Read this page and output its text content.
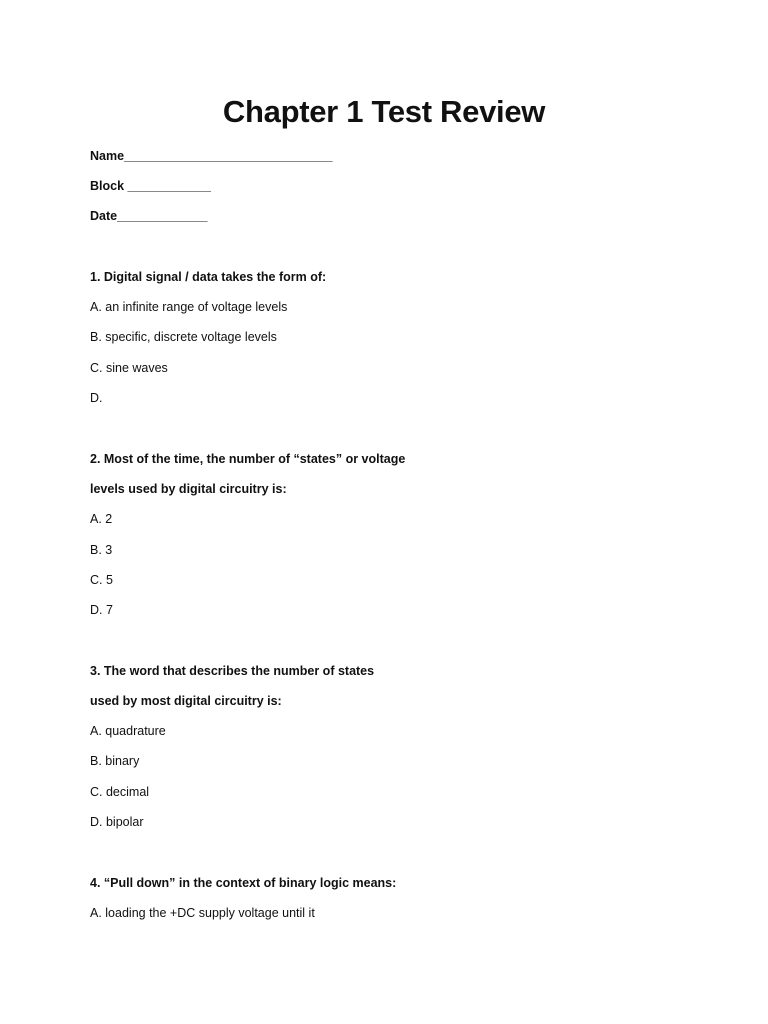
Chapter 1 Test Review
Name______________________________
Block ____________
Date_____________
1. Digital signal / data takes the form of:
A. an infinite range of voltage levels
B. specific, discrete voltage levels
C. sine waves
D.
2. Most of the time, the number of “states” or voltage
levels used by digital circuitry is:
A. 2
B. 3
C. 5
D. 7
3. The word that describes the number of states
used by most digital circuitry is:
A. quadrature
B. binary
C. decimal
D. bipolar
4. “Pull down” in the context of binary logic means:
A. loading the +DC supply voltage until it
